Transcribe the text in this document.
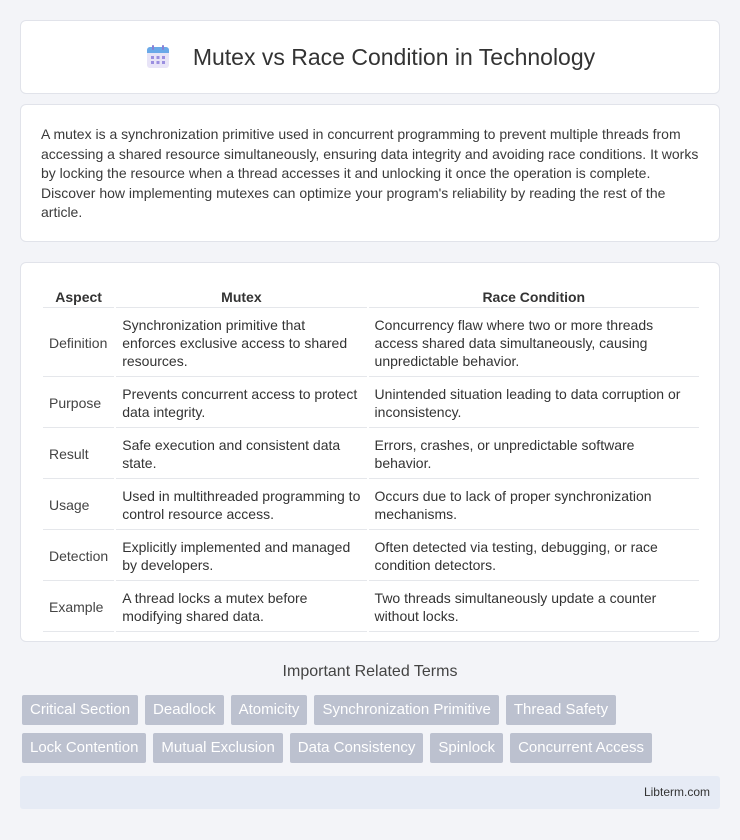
Mutex vs Race Condition in Technology

A mutex is a synchronization primitive used in concurrent programming to prevent multiple threads from accessing a shared resource simultaneously, ensuring data integrity and avoiding race conditions. It works by locking the resource when a thread accesses it and unlocking it once the operation is complete. Discover how implementing mutexes can optimize your program's reliability by reading the rest of the article.

Aspect	Mutex	Race Condition
Definition	Synchronization primitive that enforces exclusive access to shared resources.	Concurrency flaw where two or more threads access shared data simultaneously, causing unpredictable behavior.
Purpose	Prevents concurrent access to protect data integrity.	Unintended situation leading to data corruption or inconsistency.
Result	Safe execution and consistent data state.	Errors, crashes, or unpredictable software behavior.
Usage	Used in multithreaded programming to control resource access.	Occurs due to lack of proper synchronization mechanisms.
Detection	Explicitly implemented and managed by developers.	Often detected via testing, debugging, or race condition detectors.
Example	A thread locks a mutex before modifying shared data.	Two threads simultaneously update a counter without locks.
Important Related Terms
Critical Section	Deadlock	Atomicity	Synchronization Primitive	Thread Safety
Lock Contention	Mutual Exclusion	Data Consistency	Spinlock	Concurrent Access
Libterm.com
